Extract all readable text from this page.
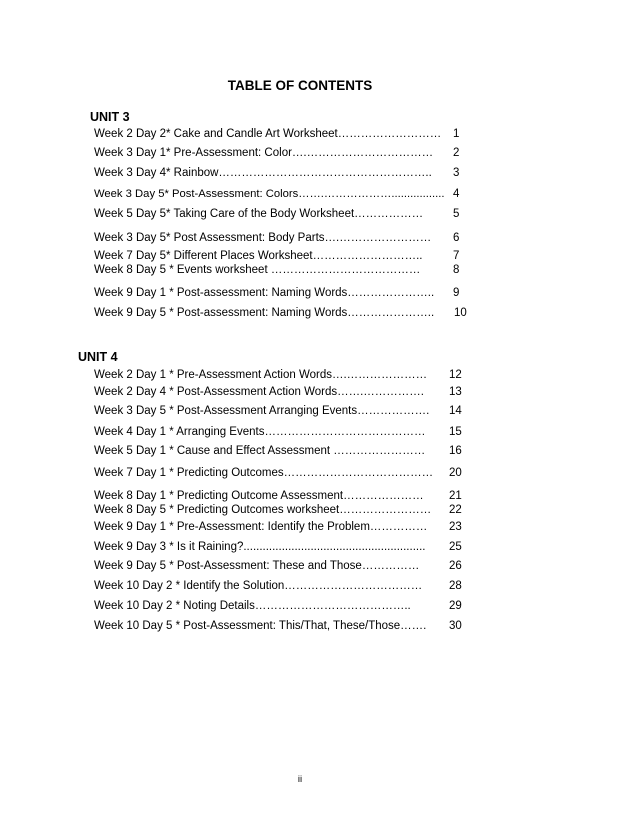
TABLE OF CONTENTS
UNIT 3
Week 2 Day 2* Cake and Candle Art Worksheet……………………… 1
Week 3 Day 1* Pre-Assessment: Color….…………………………… 2
Week 3 Day 4* Rainbow……………………………………………….. 3
Week 3 Day 5* Post-Assessment: Colors…….………………................. 4
Week 5 Day 5* Taking Care of the Body Worksheet………………	5
Week 3 Day 5* Post Assessment: Body Parts….…………………… 6
Week 7 Day 5* Different Places Worksheet………………………..	7
Week 8 Day 5 * Events worksheet …………………………………	8
Week 9 Day 1 * Post-assessment: Naming Words………………….. 9
Week 9 Day 5 * Post-assessment: Naming Words………………….. 10
UNIT 4
Week 2 Day 1 * Pre-Assessment Action Words….………………… 12
Week 2 Day 4 * Post-Assessment Action Words…….……………. 13
Week 3 Day 5 * Post-Assessment Arranging Events………………. 14
Week 4 Day 1 * Arranging Events…………………………………… 15
Week 5 Day 1 * Cause and Effect Assessment …………………… 16
Week 7 Day 1 * Predicting Outcomes………………………………… 20
Week 8 Day 1 * Predicting Outcome Assessment………………… 21
Week 8 Day 5 * Predicting Outcomes worksheet…………………… 22
Week 9 Day 1 * Pre-Assessment: Identify the Problem…………… 23
Week 9 Day 3 * Is it Raining?......................................................... 25
Week 9 Day 5 * Post-Assessment: These and Those……………	26
Week 10 Day 2 * Identify the Solution……………………………… 28
Week 10 Day 2 * Noting Details…………………………………..	29
Week 10 Day 5 * Post-Assessment: This/That, These/Those……. 30
ii
